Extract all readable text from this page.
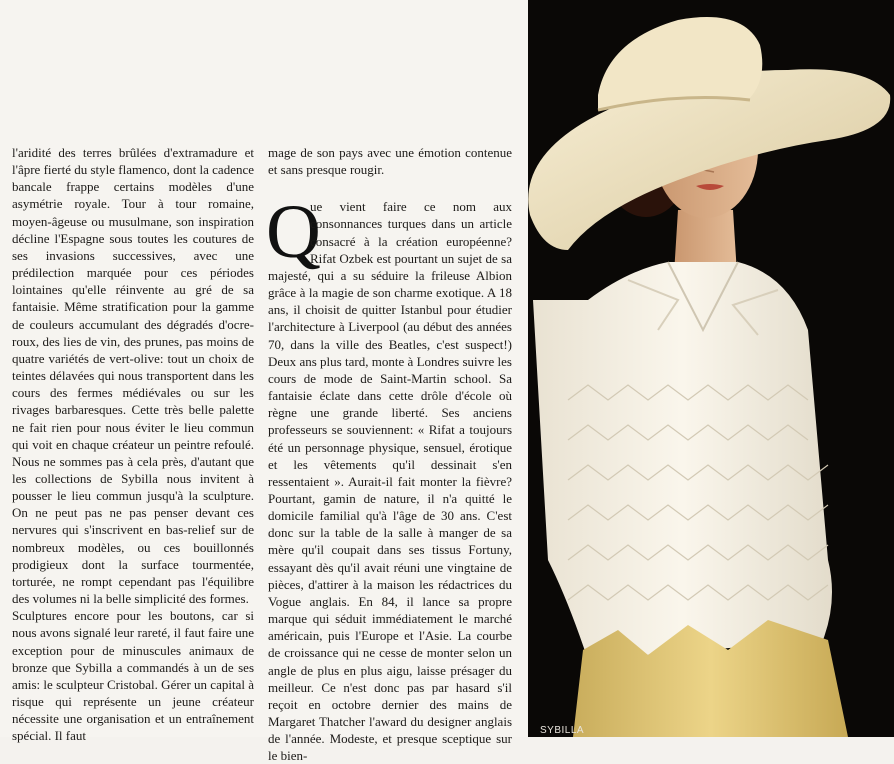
l'aridité des terres brûlées d'extramadure et l'âpre fierté du style flamenco, dont la cadence bancale frappe certains modèles d'une asymétrie royale. Tour à tour romaine, moyen-âgeuse ou musulmane, son inspiration décline l'Espagne sous toutes les coutures de ses invasions successives, avec une prédilection marquée pour ces périodes lointaines qu'elle réinvente au gré de sa fantaisie. Même stratification pour la gamme de couleurs accumulant des dégradés d'ocre-roux, des lies de vin, des prunes, pas moins de quatre variétés de vert-olive: tout un choix de teintes délavées qui nous transportent dans les cours des fermes médiévales ou sur les rivages barbaresques. Cette très belle palette ne fait rien pour nous éviter le lieu commun qui voit en chaque créateur un peintre refoulé. Nous ne sommes pas à cela près, d'autant que les collections de Sybilla nous invitent à pousser le lieu commun jusqu'à la sculpture. On ne peut pas ne pas penser devant ces nervures qui s'inscrivent en bas-relief sur de nombreux modèles, ou ces bouillonnés prodigieux dont la surface tourmentée, torturée, ne rompt cependant pas l'équilibre des volumes ni la belle simplicité des formes.

Sculptures encore pour les boutons, car si nous avons signalé leur rareté, il faut faire une exception pour de minuscules animaux de bronze que Sybilla a commandés à un de ses amis: le sculpteur Cristobal. Gérer un capital à risque qui représente un jeune créateur nécessite une organisation et un entraînement spécial. Il faut

mage de son pays avec une émotion contenue et sans presque rougir.

Q
ue vient faire ce nom aux consonnances turques dans un article consacré à la création européenne? Rifat Ozbek est pourtant un sujet de sa majesté, qui a su séduire la frileuse Albion grâce à la magie de son charme exotique. A 18 ans, il choisit de quitter Istanbul pour étudier l'architecture à Liverpool (au début des années 70, dans la ville des Beatles, c'est suspect!) Deux ans plus tard, monte à Londres suivre les cours de mode de Saint-Martin school. Sa fantaisie éclate dans cette drôle d'école où règne une grande liberté. Ses anciens professeurs se souviennent: « Rifat a toujours été un personnage physique, sensuel, érotique et les vêtements qu'il dessinait s'en ressentaient ». Aurait-il fait monter la fièvre? Pourtant, gamin de nature, il n'a quitté le domicile familial qu'à l'âge de 30 ans. C'est donc sur la table de la salle à manger de sa mère qu'il coupait dans ses tissus Fortuny, essayant dès qu'il avait réuni une vingtaine de pièces, d'attirer à la maison les rédactrices du Vogue anglais. En 84, il lance sa propre marque qui séduit immédiatement le marché américain, puis l'Europe et l'Asie. La courbe de croissance qui ne cesse de monter selon un angle de plus en plus aigu, laisse présager du meilleur. Ce n'est donc pas par hasard s'il reçoit en octobre dernier des mains de Margaret Thatcher l'award du designer anglais de l'année. Modeste, et presque sceptique sur le bien-

SYBILLA
